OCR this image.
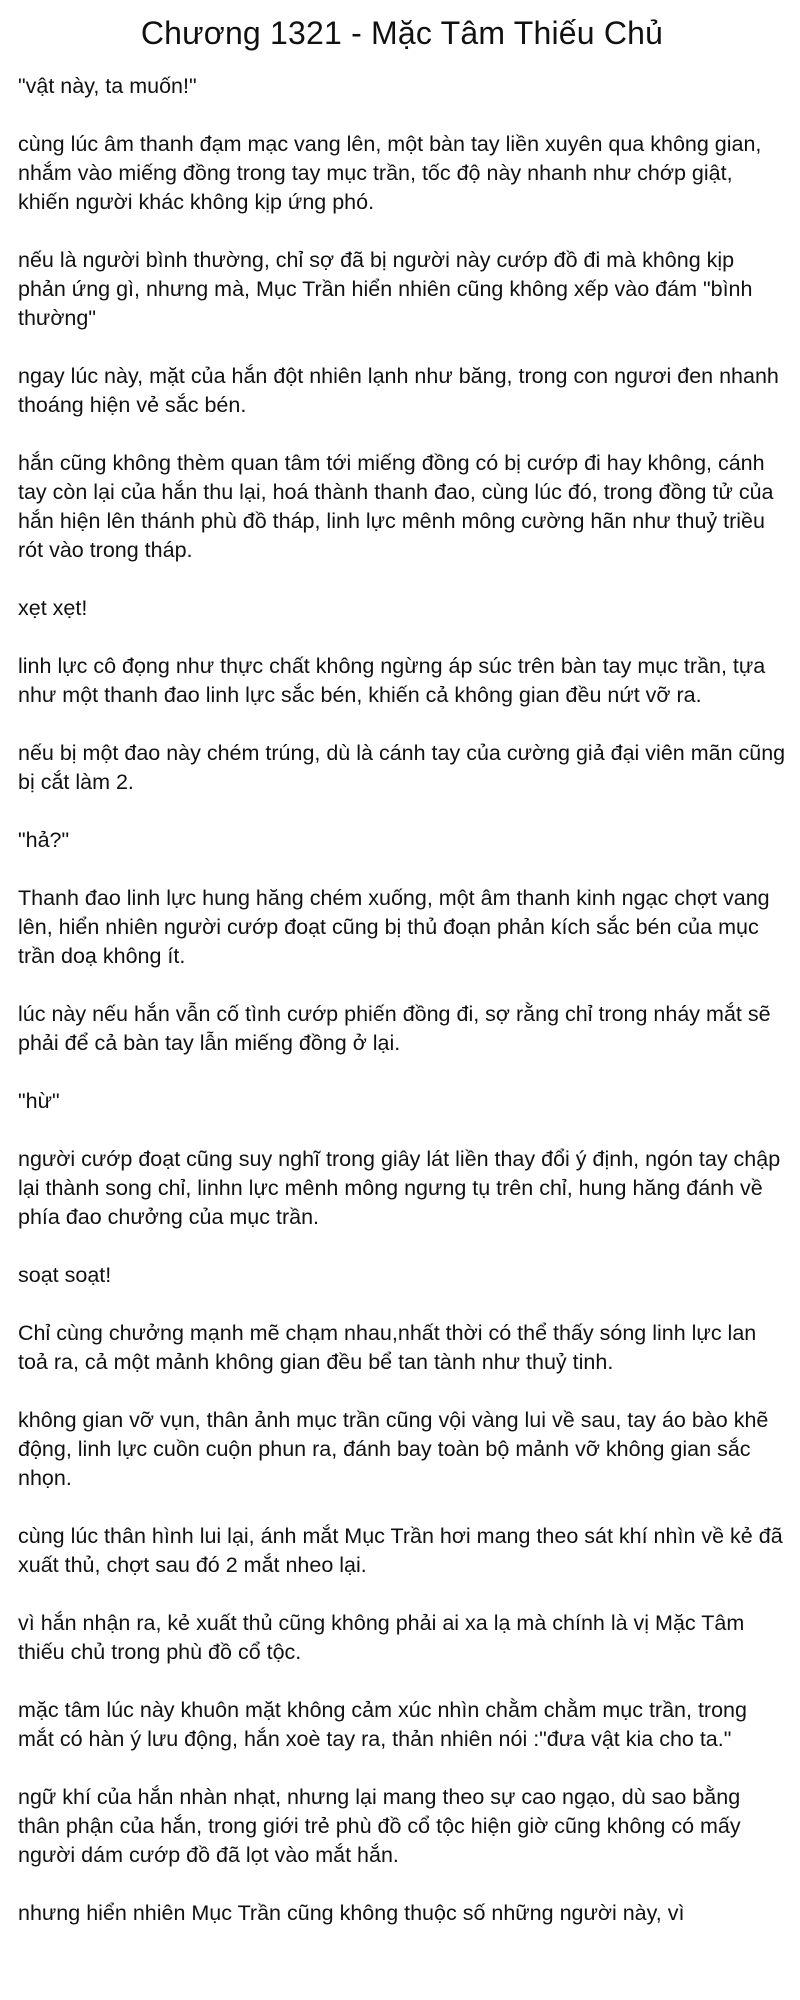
Chương 1321 - Mặc Tâm Thiếu Chủ

"vật này, ta muốn!"

cùng lúc âm thanh đạm mạc vang lên, một bàn tay liền xuyên qua không gian, nhắm vào miếng đồng trong tay mục trần, tốc độ này nhanh như chớp giật, khiến người khác không kịp ứng phó.

nếu là người bình thường, chỉ sợ đã bị người này cướp đồ đi mà không kịp phản ứng gì, nhưng mà, Mục Trần hiển nhiên cũng không xếp vào đám "bình thường"

ngay lúc này, mặt của hắn đột nhiên lạnh như băng, trong con ngươi đen nhanh thoáng hiện vẻ sắc bén.

hắn cũng không thèm quan tâm tới miếng đồng có bị cướp đi hay không, cánh tay còn lại của hắn thu lại, hoá thành thanh đao, cùng lúc đó, trong đồng tử của hắn hiện lên thánh phù đồ tháp, linh lực mênh mông cường hãn như thuỷ triều rót vào trong tháp.

xẹt xẹt!

linh lực cô đọng như thực chất không ngừng áp súc trên bàn tay mục trần, tựa như một thanh đao linh lực sắc bén, khiến cả không gian đều nứt vỡ ra.

nếu bị một đao này chém trúng, dù là cánh tay của cường giả đại viên mãn cũng bị cắt làm 2.

"hả?"

Thanh đao linh lực hung hăng chém xuống, một âm thanh kinh ngạc chợt vang lên, hiển nhiên người cướp đoạt cũng bị thủ đoạn phản kích sắc bén của mục trần doạ không ít.

lúc này nếu hắn vẫn cố tình cướp phiến đồng đi, sợ rằng chỉ trong nháy mắt sẽ phải để cả bàn tay lẫn miếng đồng ở lại.

"hừ"

người cướp đoạt cũng suy nghĩ trong giây lát liền thay đổi ý định, ngón tay chập lại thành song chỉ, linhn lực mênh mông ngưng tụ trên chỉ, hung hăng đánh về phía đao chưởng của mục trần.

soạt soạt!

Chỉ cùng chưởng mạnh mẽ chạm nhau,nhất thời có thể thấy sóng linh lực lan toả ra, cả một mảnh không gian đều bể tan tành như thuỷ tinh.

không gian vỡ vụn, thân ảnh mục trần cũng vội vàng lui về sau, tay áo bào khẽ động, linh lực cuồn cuộn phun ra, đánh bay toàn bộ mảnh vỡ không gian sắc nhọn.

cùng lúc thân hình lui lại, ánh mắt Mục Trần hơi mang theo sát khí nhìn về kẻ đã xuất thủ, chợt sau đó 2 mắt nheo lại.

vì hắn nhận ra, kẻ xuất thủ cũng không phải ai xa lạ mà chính là vị Mặc Tâm thiếu chủ trong phù đồ cổ tộc.

mặc tâm lúc này khuôn mặt không cảm xúc nhìn chằm chằm mục trần, trong mắt có hàn ý lưu động, hắn xoè tay ra, thản nhiên nói :"đưa vật kia cho ta."

ngữ khí của hắn nhàn nhạt, nhưng lại mang theo sự cao ngạo, dù sao bằng thân phận của hắn, trong giới trẻ phù đồ cổ tộc hiện giờ cũng không có mấy người dám cướp đồ đã lọt vào mắt hắn.

nhưng hiển nhiên Mục Trần cũng không thuộc số những người này, vì
